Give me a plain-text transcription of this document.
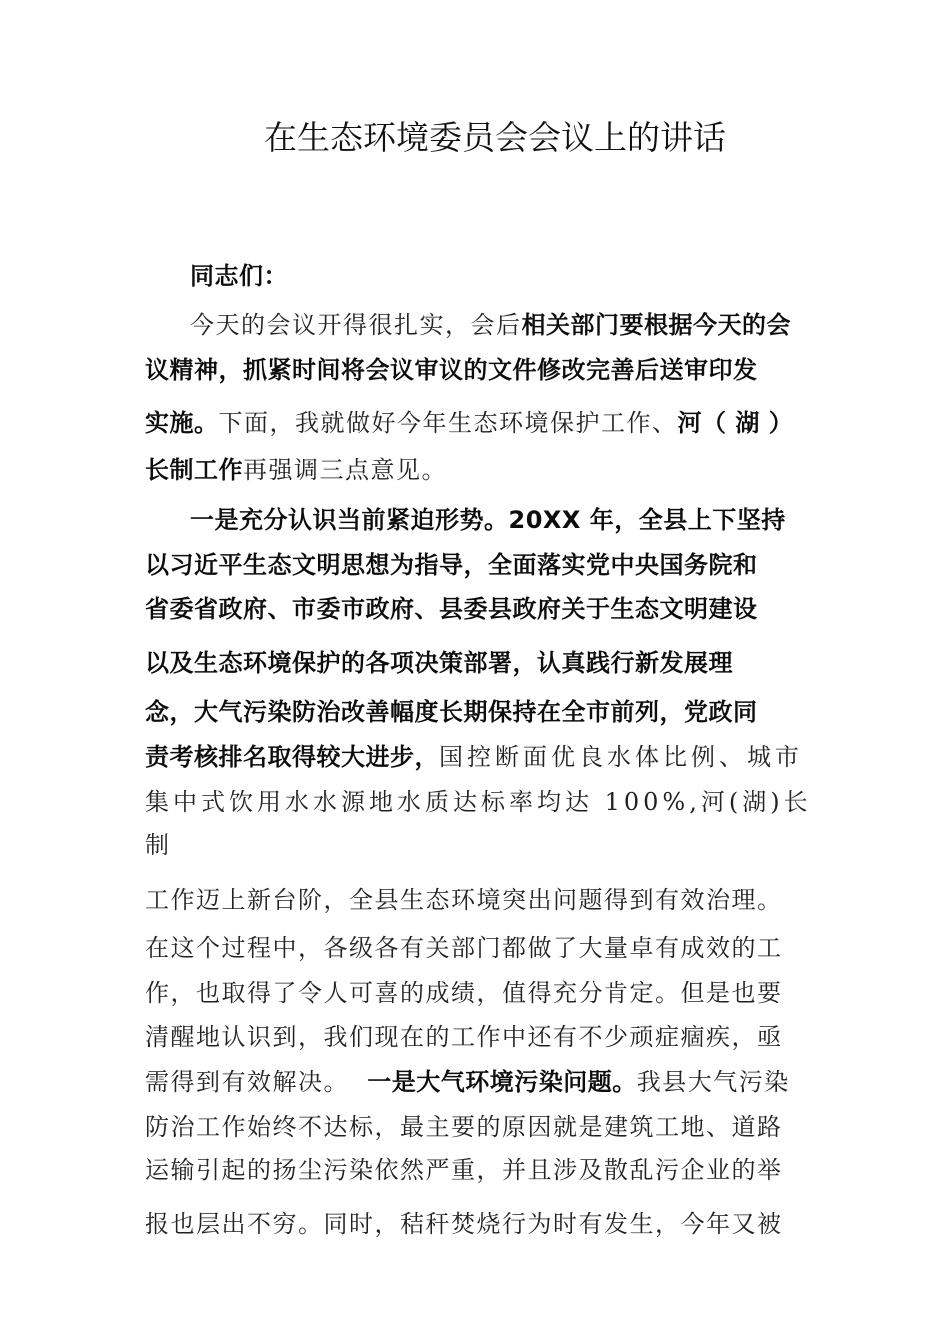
在生态环境委员会会议上的讲话
同志们：
今天的会议开得很扎实，会后相关部门要根据今天的会
议精神，抓紧时间将会议审议的文件修改完善后送审印发
实施。下面，我就做好今年生态环境保护工作、河（ 湖 ）
长制工作再强调三点意见。
一是充分认识当前紧迫形势。20XX 年，全县上下坚持
以习近平生态文明思想为指导，全面落实党中央国务院和
省委省政府、市委市政府、县委县政府关于生态文明建设
以及生态环境保护的各项决策部署，认真践行新发展理
念，大气污染防治改善幅度长期保持在全市前列，党政同
责考核排名取得较大进步，国控断面优良水体比例、城市
集中式饮用水水源地水质达标率均达 100%,河(湖)长
制
工作迈上新台阶，全县生态环境突出问题得到有效治理。
在这个过程中，各级各有关部门都做了大量卓有成效的工
作，也取得了令人可喜的成绩，值得充分肯定。但是也要
清醒地认识到，我们现在的工作中还有不少顽症痼疾，亟
需得到有效解决。 一是大气环境污染问题。我县大气污染
防治工作始终不达标，最主要的原因就是建筑工地、道路
运输引起的扬尘污染依然严重，并且涉及散乱污企业的举
报也层出不穷。同时，秸秆焚烧行为时有发生，今年又被
